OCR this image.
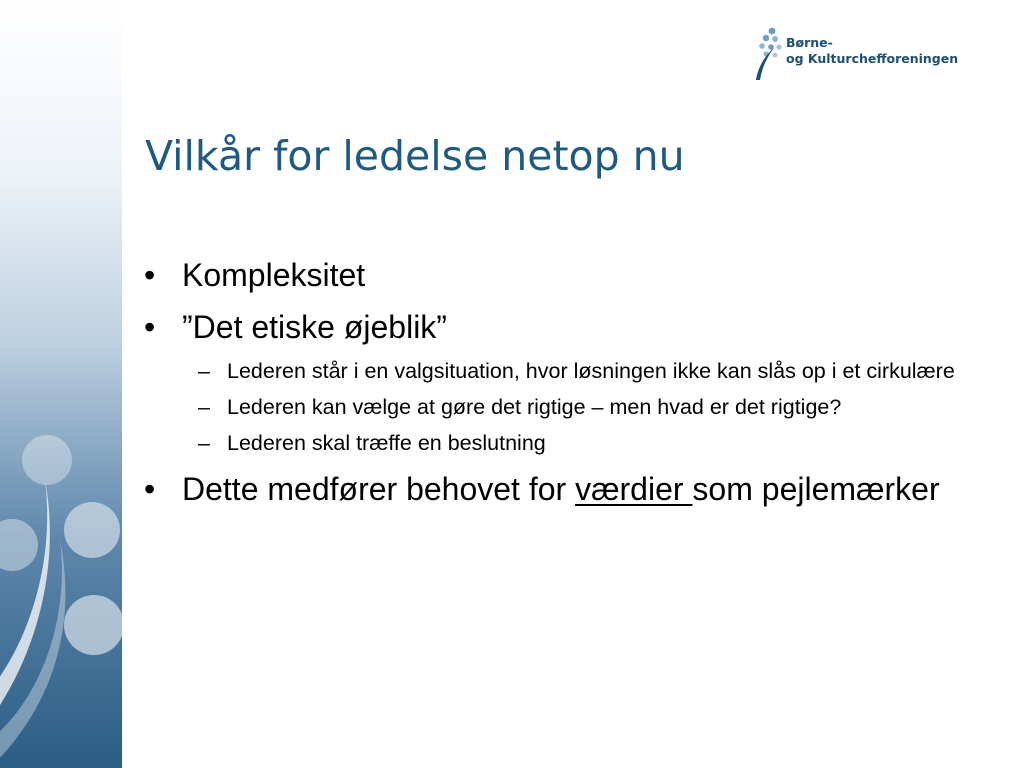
Børne-
og Kulturchefforeningen
Vilkår for ledelse netop nu
• Kompleksitet
• ”Det etiske øjeblik”
– Lederen står i en valgsituation, hvor løsningen ikke kan slås op i et cirkulære
– Lederen kan vælge at gøre det rigtige – men hvad er det rigtige?
– Lederen skal træffe en beslutning
• Dette medfører behovet for værdier som pejlemærker
